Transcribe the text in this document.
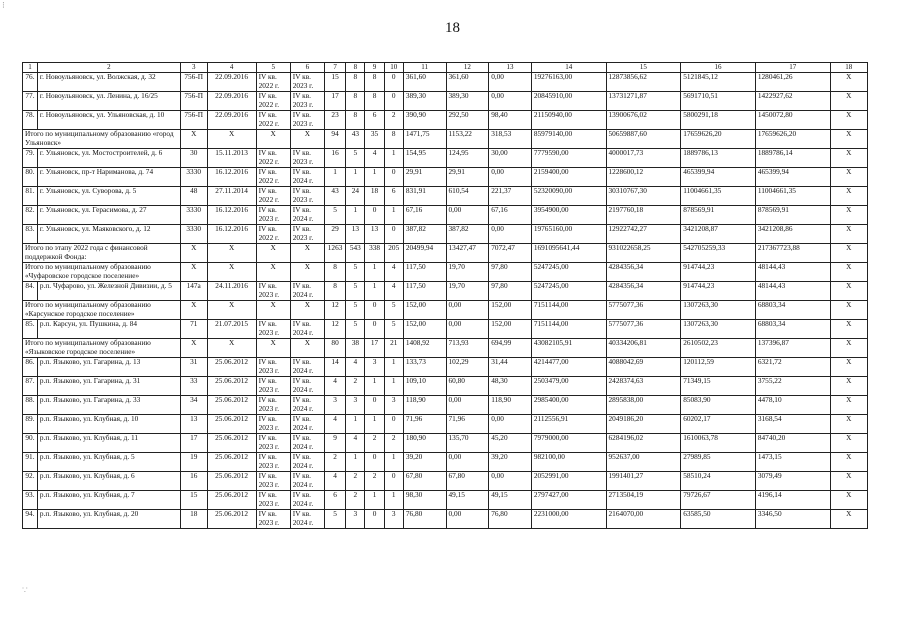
⁝
18
1	2	3	4	5	6	7	8	9	10	11	12	13	14	15	16	17	18
76.	г. Новоульяновск, ул. Волжская, д. 32	756-П	22.09.2016	IV кв. 2022 г.	IV кв. 2023 г.	15	8	8	0	361,60	361,60	0,00	19276163,00	12873856,62	5121845,12	1280461,26	X
77.	г. Новоульяновск, ул. Ленина, д. 16/25	756-П	22.09.2016	IV кв. 2022 г.	IV кв. 2023 г.	17	8	8	0	389,30	389,30	0,00	20845910,00	13731271,87	5691710,51	1422927,62	X
78.	г. Новоульяновск, ул. Ульяновская, д. 10	756-П	22.09.2016	IV кв. 2022 г.	IV кв. 2023 г.	23	8	6	2	390,90	292,50	98,40	21150940,00	13900676,02	5800291,18	1450072,80	X
Итого по муниципальному образованию «город Ульяновск»		X	X	X	X	94	43	35	8	1471,75	1153,22	318,53	85979140,00	50659887,60	17659626,20	17659626,20	X
79.	г. Ульяновск, ул. Мостостроителей, д. 6	30	15.11.2013	IV кв. 2022 г.	IV кв. 2023 г.	16	5	4	1	154,95	124,95	30,00	7779590,00	4000017,73	1889786,13	1889786,14	X
80.	г. Ульяновск, пр-т Нариманова, д. 74	3330	16.12.2016	IV кв. 2022 г.	IV кв. 2024 г.	1	1	1	0	29,91	29,91	0,00	2159400,00	1228600,12	465399,94	465399,94	X
81.	г. Ульяновск, ул. Суворова, д. 5	48	27.11.2014	IV кв. 2022 г.	IV кв. 2023 г.	43	24	18	6	831,91	610,54	221,37	52320090,00	30310767,30	11004661,35	11004661,35	X
82.	г. Ульяновск, ул. Герасимова, д. 27	3330	16.12.2016	IV кв. 2023 г.	IV кв. 2024 г.	5	1	0	1	67,16	0,00	67,16	3954900,00	2197760,18	878569,91	878569,91	X
83.	г. Ульяновск, ул. Маяковского, д. 12	3330	16.12.2016	IV кв. 2022 г.	IV кв. 2023 г.	29	13	13	0	387,82	387,82	0,00	19765160,00	12922742,27	3421208,87	3421208,86	X
Итого по этапу 2022 года с финансовой поддержкой Фонда:		X	X	X	X	1263	543	338	205	20499,94	13427,47	7072,47	1691095641,44	931022658,25	542705259,33	217367723,88	X
Итого по муниципальному образованию «Чуфаровское городское поселение»		X	X	X	X	8	5	1	4	117,50	19,70	97,80	5247245,00	4284356,34	914744,23	48144,43	X
84.	р.п. Чуфарово, ул. Железной Дивизии, д. 5	147а	24.11.2016	IV кв. 2023 г.	IV кв. 2024 г.	8	5	1	4	117,50	19,70	97,80	5247245,00	4284356,34	914744,23	48144,43	X
Итого по муниципальному образованию «Карсунское городское поселение»		X	X	X	X	12	5	0	5	152,00	0,00	152,00	7151144,00	5775077,36	1307263,30	68803,34	X
85.	р.п. Карсун, ул. Пушкина, д. 84	71	21.07.2015	IV кв. 2023 г.	IV кв. 2024 г.	12	5	0	5	152,00	0,00	152,00	7151144,00	5775077,36	1307263,30	68803,34	X
Итого по муниципальному образованию «Языковское городское поселение»		X	X	X	X	80	38	17	21	1408,92	713,93	694,99	43082105,91	40334206,81	2610502,23	137396,87	X
86.	р.п. Языково, ул. Гагарина, д. 13	31	25.06.2012	IV кв. 2023 г.	IV кв. 2024 г.	14	4	3	1	133,73	102,29	31,44	4214477,00	4088042,69	120112,59	6321,72	X
87.	р.п. Языково, ул. Гагарина, д. 31	33	25.06.2012	IV кв. 2023 г.	IV кв. 2024 г.	4	2	1	1	109,10	60,80	48,30	2503479,00	2428374,63	71349,15	3755,22	X
88.	р.п. Языково, ул. Гагарина, д. 33	34	25.06.2012	IV кв. 2023 г.	IV кв. 2024 г.	3	3	0	3	118,90	0,00	118,90	2985400,00	2895838,00	85083,90	4478,10	X
89.	р.п. Языково, ул. Клубная, д. 10	13	25.06.2012	IV кв. 2023 г.	IV кв. 2024 г.	4	1	1	0	71,96	71,96	0,00	2112556,91	2049186,20	60202,17	3168,54	X
90.	р.п. Языково, ул. Клубная, д. 11	17	25.06.2012	IV кв. 2023 г.	IV кв. 2024 г.	9	4	2	2	180,90	135,70	45,20	7979000,00	6284196,02	1610063,78	84740,20	X
91.	р.п. Языково, ул. Клубная, д. 5	19	25.06.2012	IV кв. 2023 г.	IV кв. 2024 г.	2	1	0	1	39,20	0,00	39,20	982100,00	952637,00	27989,85	1473,15	X
92.	р.п. Языково, ул. Клубная, д. 6	16	25.06.2012	IV кв. 2023 г.	IV кв. 2024 г.	4	2	2	0	67,80	67,80	0,00	2052991,00	1991401,27	58510,24	3079,49	X
93.	р.п. Языково, ул. Клубная, д. 7	15	25.06.2012	IV кв. 2023 г.	IV кв. 2024 г.	6	2	1	1	98,30	49,15	49,15	2797427,00	2713504,19	79726,67	4196,14	X
94.	р.п. Языково, ул. Клубная, д. 20	18	25.06.2012	IV кв. 2023 г.	IV кв. 2024 г.	5	3	0	3	76,80	0,00	76,80	2231000,00	2164070,00	63585,50	3346,50	X
∵
